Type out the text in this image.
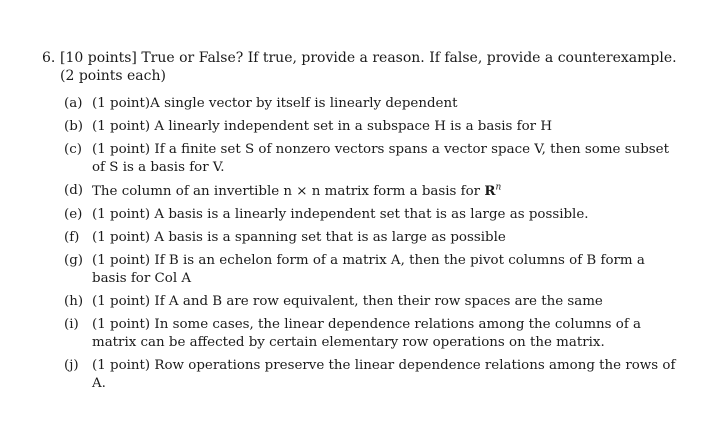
6. [10 points] True or False? If true, provide a reason. If false, provide a counterexample. (2 points each)
(a) (1 point)A single vector by itself is linearly dependent
(b) (1 point) A linearly independent set in a subspace H is a basis for H
(c) (1 point) If a finite set S of nonzero vectors spans a vector space V, then some subset of S is a basis for V.
(d) The column of an invertible n × n matrix form a basis for $R^n$
(e) (1 point) A basis is a linearly independent set that is as large as possible.
(f) (1 point) A basis is a spanning set that is as large as possible
(g) (1 point) If B is an echelon form of a matrix A, then the pivot columns of B form a basis for Col A
(h) (1 point) If A and B are row equivalent, then their row spaces are the same
(i) (1 point) In some cases, the linear dependence relations among the columns of a matrix can be affected by certain elementary row operations on the matrix.
(j) (1 point) Row operations preserve the linear dependence relations among the rows of A.
